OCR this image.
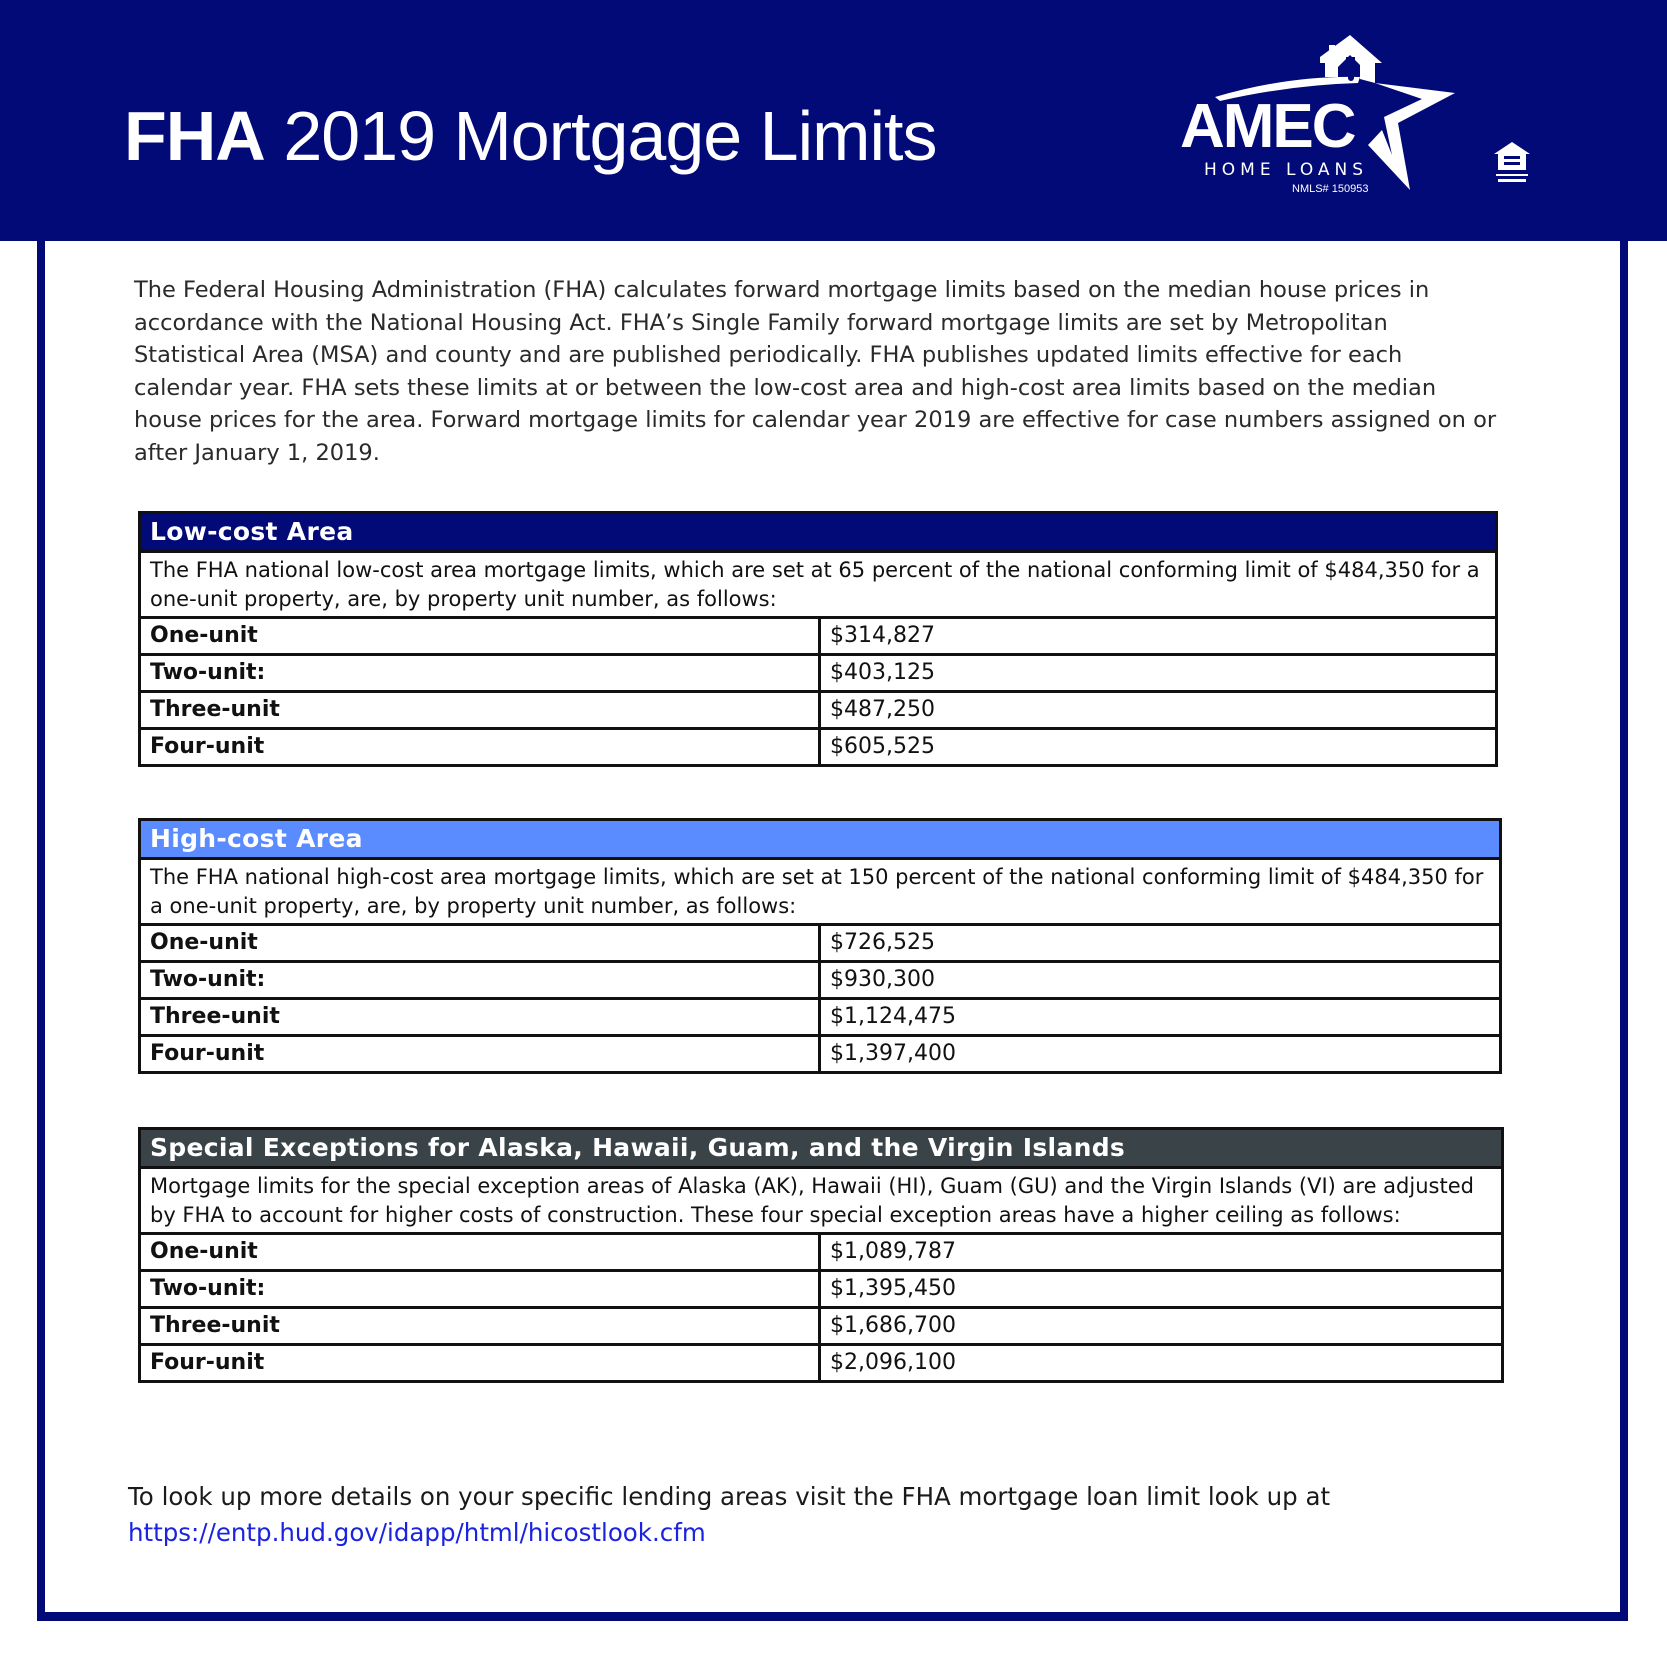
FHA 2019 Mortgage Limits	AMEC
HOME LOANS
NMLS# 150953

The Federal Housing Administration (FHA) calculates forward mortgage limits based on the median house prices in accordance with the National Housing Act. FHA’s Single Family forward mortgage limits are set by Metropolitan Statistical Area (MSA) and county and are published periodically. FHA publishes updated limits effective for each calendar year. FHA sets these limits at or between the low-cost area and high-cost area limits based on the median house prices for the area. Forward mortgage limits for calendar year 2019 are effective for case numbers assigned on or after January 1, 2019.

Low-cost Area	
The FHA national low-cost area mortgage limits, which are set at 65 percent of the national conforming limit of $484,350 for a one-unit property, are, by property unit number, as follows:	
One-unit	$314,827
Two-unit:	$403,125
Three-unit	$487,250
Four-unit	$605,525
High-cost Area	
The FHA national high-cost area mortgage limits, which are set at 150 percent of the national conforming limit of $484,350 for a one-unit property, are, by property unit number, as follows:	
One-unit	$726,525
Two-unit:	$930,300
Three-unit	$1,124,475
Four-unit	$1,397,400
Special Exceptions for Alaska, Hawaii, Guam, and the Virgin Islands	
Mortgage limits for the special exception areas of Alaska (AK), Hawaii (HI), Guam (GU) and the Virgin Islands (VI) are adjusted by FHA to account for higher costs of construction. These four special exception areas have a higher ceiling as follows:	
One-unit	$1,089,787
Two-unit:	$1,395,450
Three-unit	$1,686,700
Four-unit	$2,096,100
To look up more details on your specific lending areas visit the FHA mortgage loan limit look up at
https://entp.hud.gov/idapp/html/hicostlook.cfm
